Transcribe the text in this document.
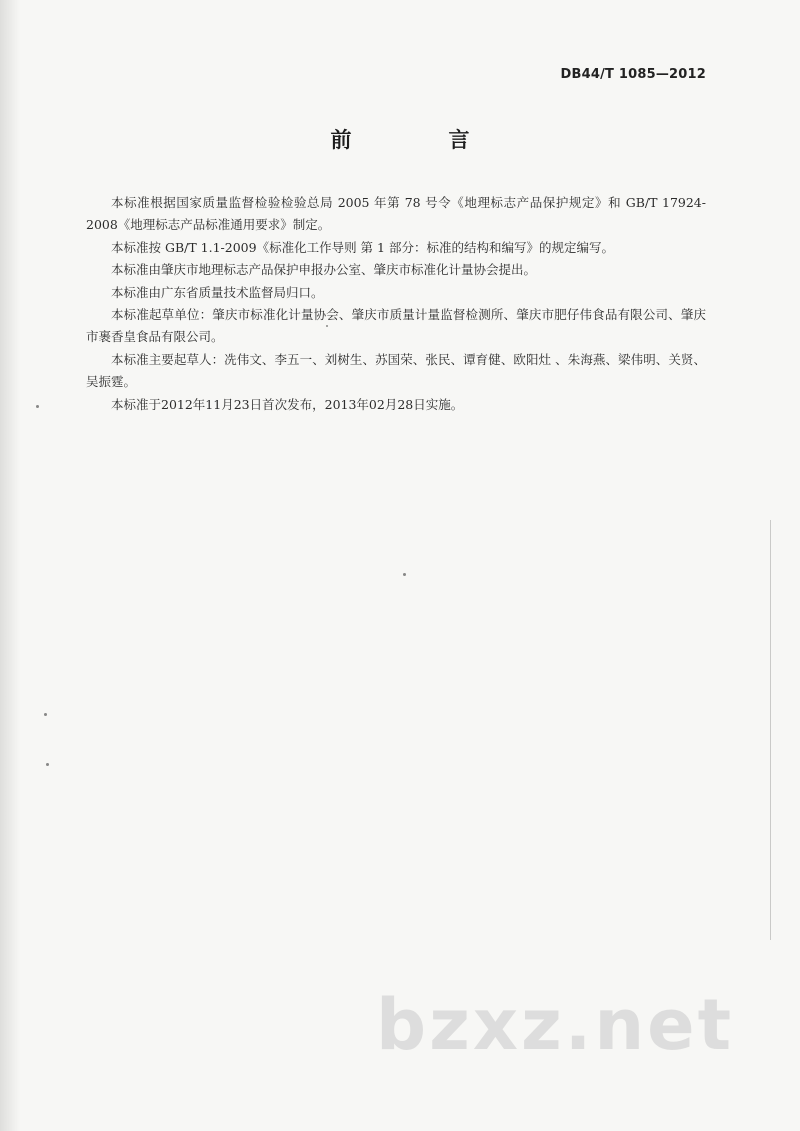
DB44/T 1085—2012
前　言

本标准根据国家质量监督检验检验总局 2005 年第 78 号令《地理标志产品保护规定》和 GB/T 17924-2008《地理标志产品标准通用要求》制定。

本标准按 GB/T 1.1-2009《标准化工作导则 第 1 部分：标准的结构和编写》的规定编写。

本标准由肇庆市地理标志产品保护申报办公室、肇庆市标准化计量协会提出。

本标准由广东省质量技术监督局归口。

本标准起草单位：肇庆市标准化计量协会、肇庆市质量计量监督检测所、肇庆市肥仔伟食品有限公司、肇庆市裹香皇食品有限公司。

本标准主要起草人：冼伟文、李五一、刘树生、苏国荣、张民、谭育健、欧阳灶 、朱海燕、梁伟明、关贤、吴振霆。

本标准于2012年11月23日首次发布，2013年02月28日实施。

bzxz.net
